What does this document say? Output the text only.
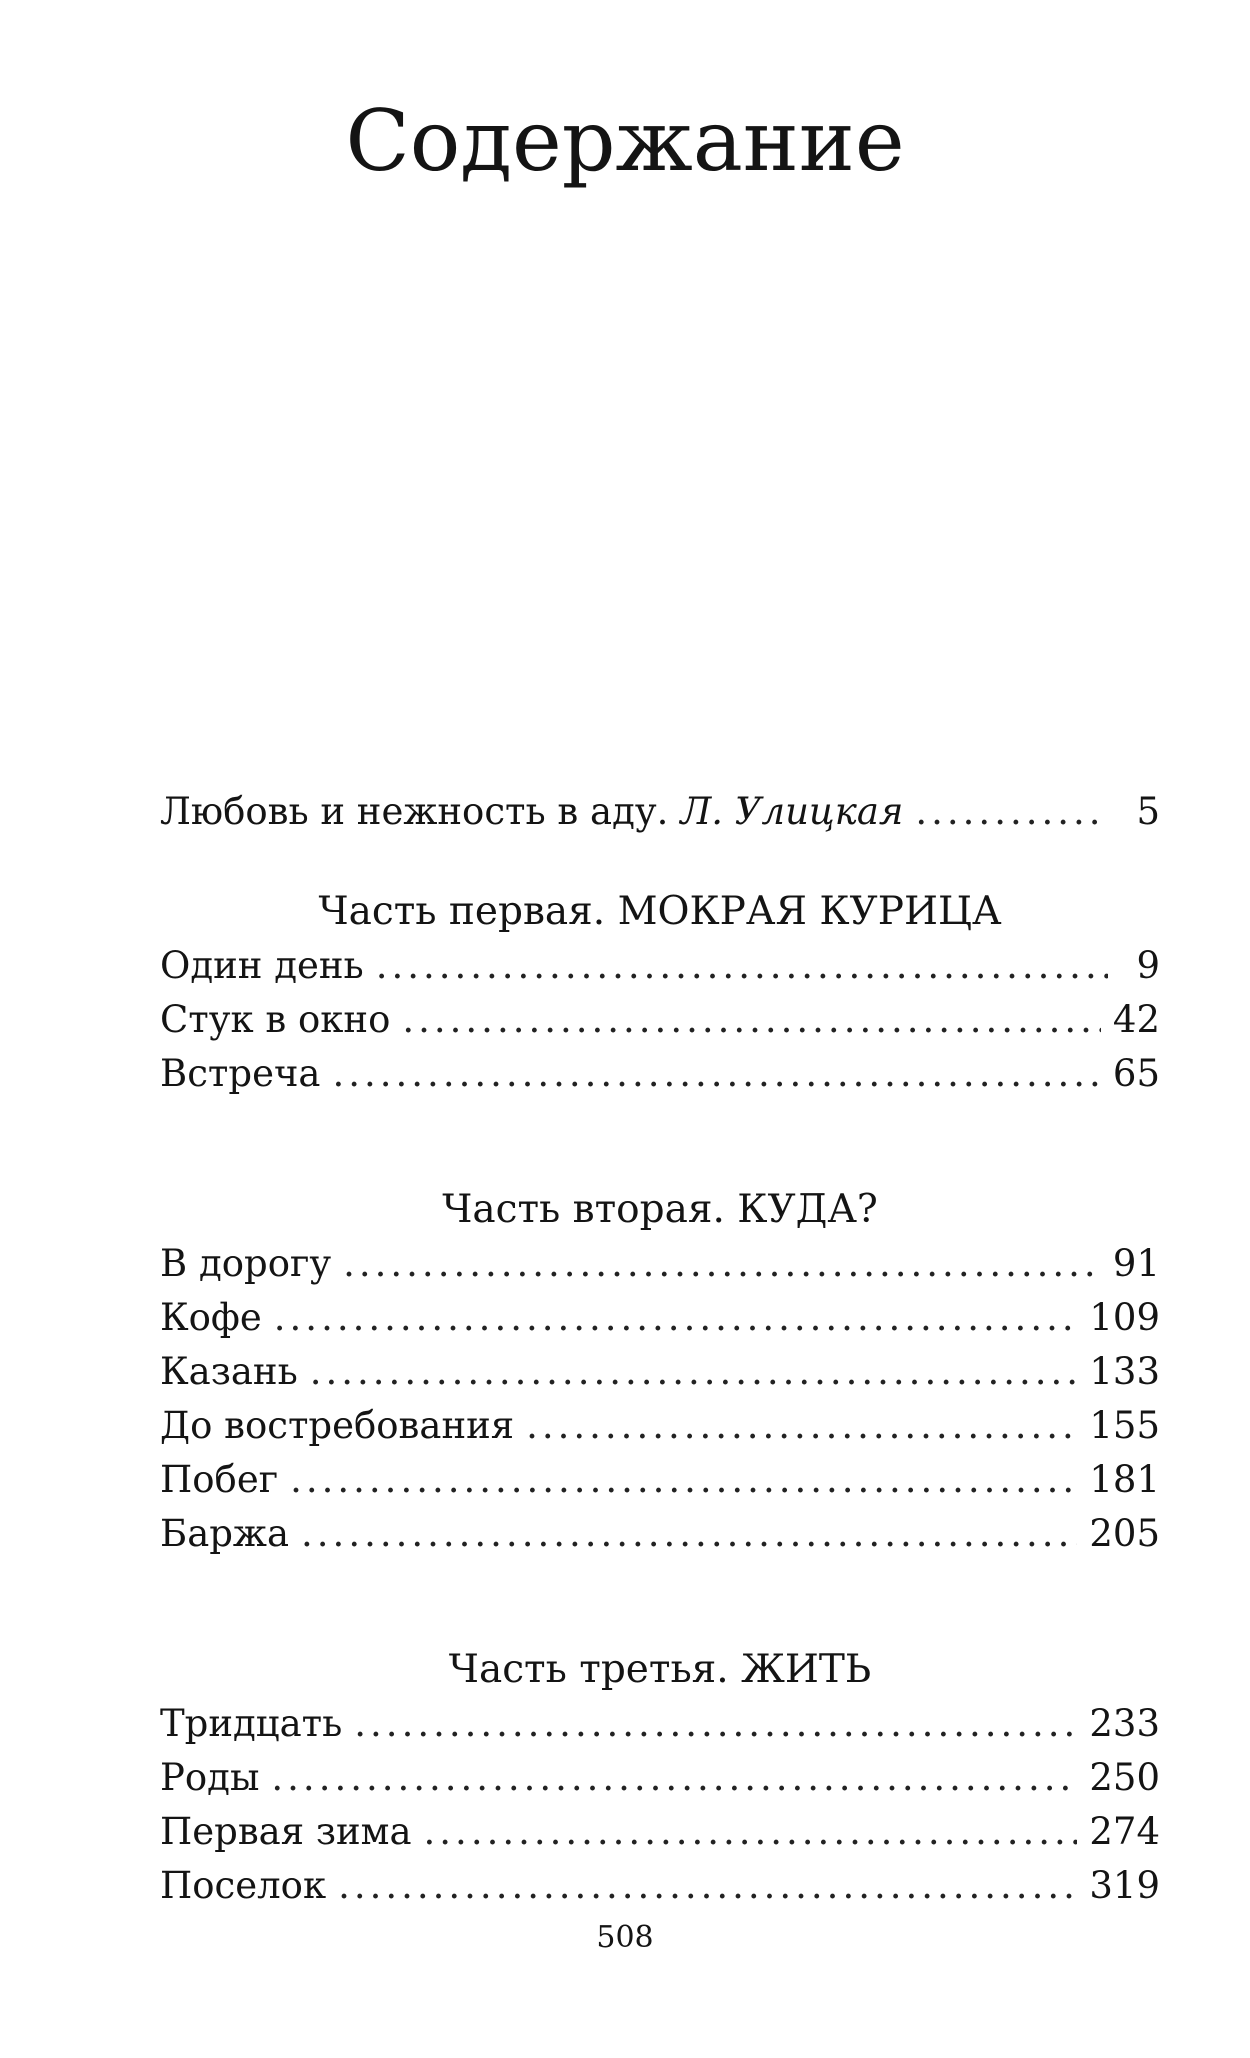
Содержание
Любовь и нежность в аду. Л. Улицкая .....	5
Часть первая. МОКРАЯ КУРИЦА
Один день .....	9
Стук в окно .....	42
Встреча .....	65
Часть вторая. КУДА?
В дорогу .....	91
Кофе .....	109
Казань .....	133
До востребования .....	155
Побег .....	181
Баржа .....	205
Часть третья. ЖИТЬ
Тридцать .....	233
Роды .....	250
Первая зима .....	274
Поселок .....	319
508
